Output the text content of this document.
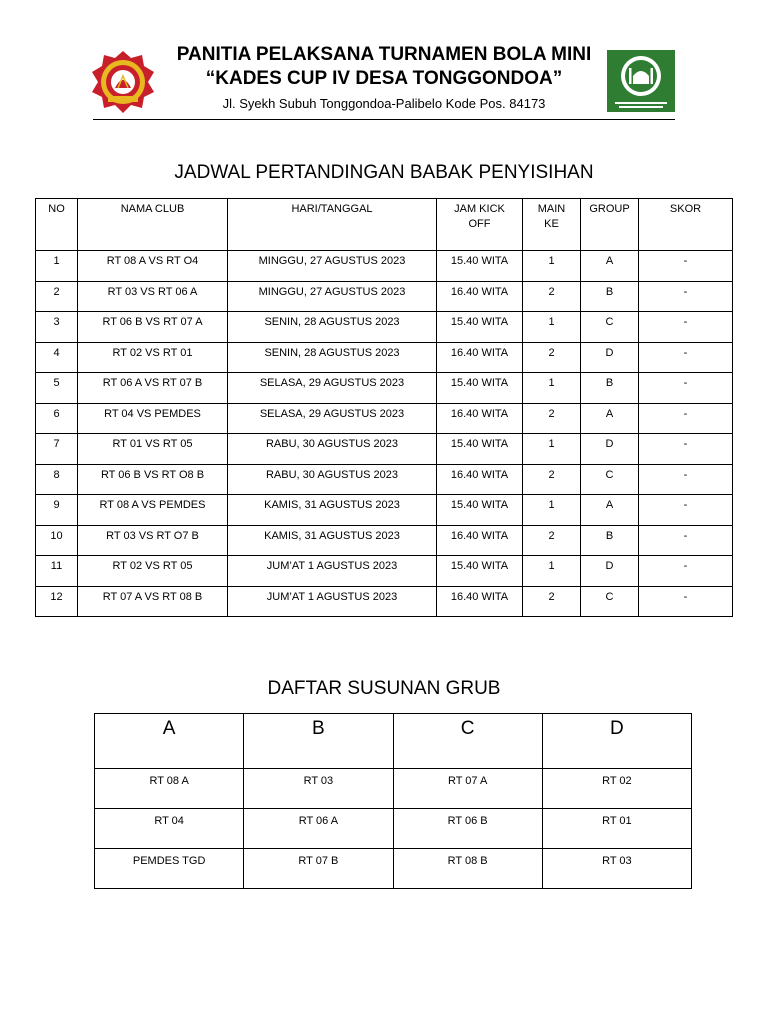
PANITIA PELAKSANA TURNAMEN BOLA MINI
“KADES CUP IV DESA TONGGONDOA”
Jl. Syekh Subuh Tonggondoa-Palibelo Kode Pos. 84173
JADWAL PERTANDINGAN BABAK PENYISIHAN
NO	NAMA CLUB	HARI/TANGGAL	JAM KICK OFF	MAIN KE	GROUP	SKOR
1	RT 08 A VS RT O4	MINGGU, 27 AGUSTUS 2023	15.40 WITA	1	A	-
2	RT 03 VS RT 06 A	MINGGU, 27 AGUSTUS 2023	16.40 WITA	2	B	-
3	RT 06 B VS RT 07 A	SENIN, 28 AGUSTUS 2023	15.40 WITA	1	C	-
4	RT 02 VS RT 01	SENIN, 28 AGUSTUS 2023	16.40 WITA	2	D	-
5	RT 06 A VS RT 07 B	SELASA, 29 AGUSTUS 2023	15.40 WITA	1	B	-
6	RT 04 VS PEMDES	SELASA, 29 AGUSTUS 2023	16.40 WITA	2	A	-
7	RT 01 VS RT 05	RABU, 30 AGUSTUS 2023	15.40 WITA	1	D	-
8	RT 06 B VS RT O8 B	RABU, 30 AGUSTUS 2023	16.40 WITA	2	C	-
9	RT 08 A VS PEMDES	KAMIS, 31 AGUSTUS 2023	15.40 WITA	1	A	-
10	RT 03 VS RT O7 B	KAMIS, 31 AGUSTUS 2023	16.40 WITA	2	B	-
11	RT 02 VS RT 05	JUM’AT 1 AGUSTUS 2023	15.40 WITA	1	D	-
12	RT 07 A VS RT 08 B	JUM’AT 1 AGUSTUS 2023	16.40 WITA	2	C	-
DAFTAR SUSUNAN GRUB
A	B	C	D
RT 08 A	RT 03	RT 07 A	RT 02
RT 04	RT 06 A	RT 06 B	RT 01
PEMDES TGD	RT 07 B	RT 08 B	RT 03
